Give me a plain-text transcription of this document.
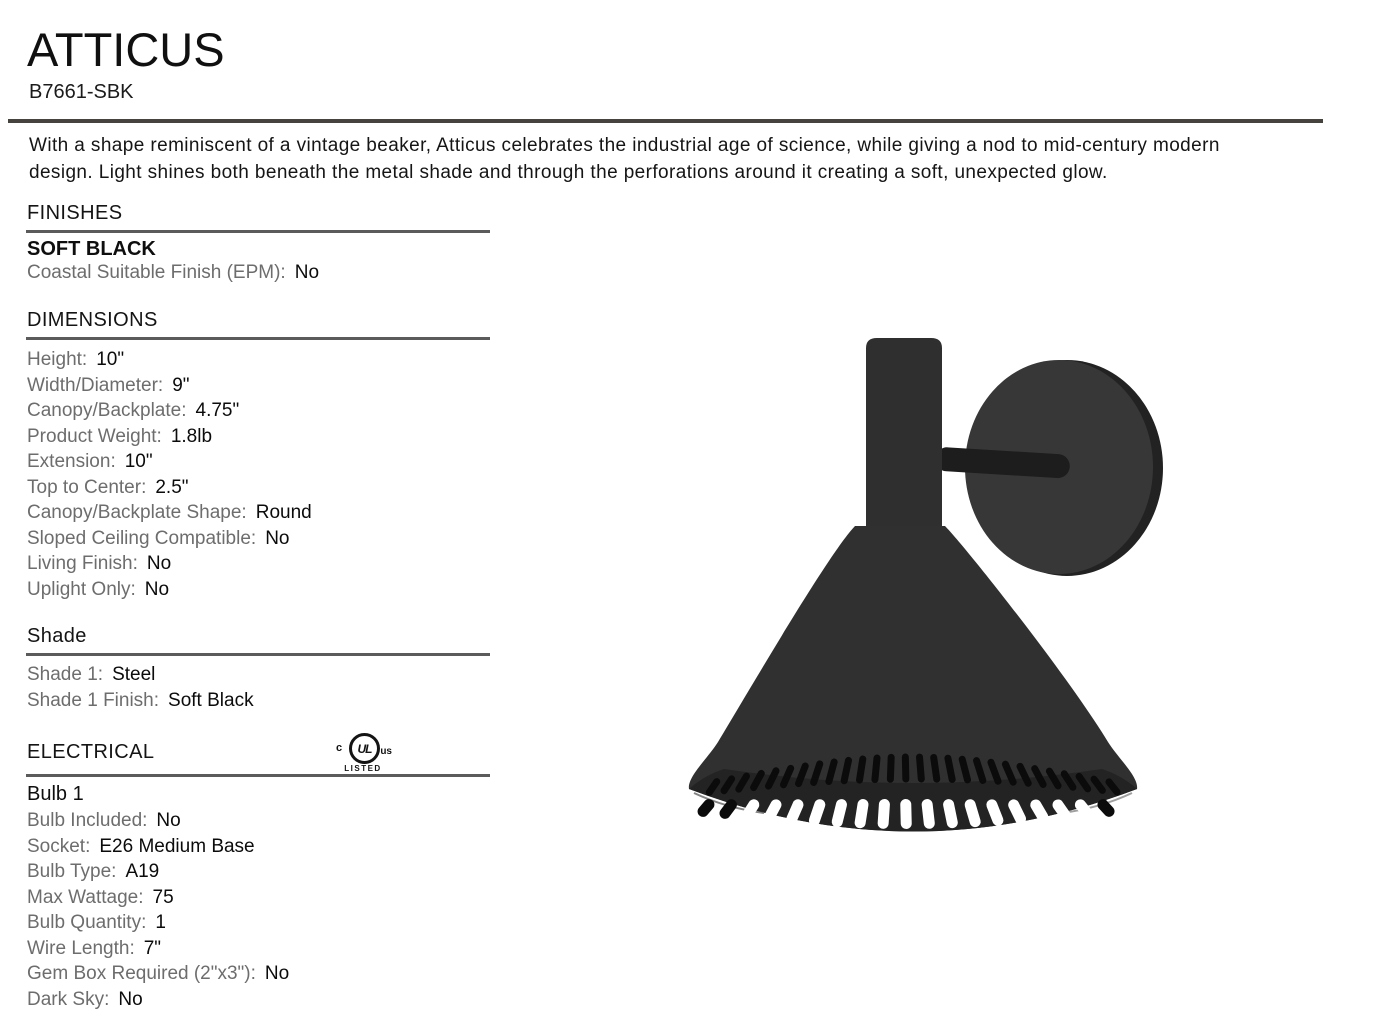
ATTICUS
B7661-SBK
With a shape reminiscent of a vintage beaker, Atticus celebrates the industrial age of science, while giving a nod to mid-century modern
design. Light shines both beneath the metal shade and through the perforations around it creating a soft, unexpected glow.
FINISHES
SOFT BLACK
Coastal Suitable Finish (EPM): No
DIMENSIONS
Height: 10"
Width/Diameter: 9"
Canopy/Backplate: 4.75"
Product Weight: 1.8lb
Extension: 10"
Top to Center: 2.5"
Canopy/Backplate Shape: Round
Sloped Ceiling Compatible: No
Living Finish: No
Uplight Only: No
Shade
Shade 1: Steel
Shade 1 Finish: Soft Black
ELECTRICAL	c UL us
LISTED
Bulb 1
Bulb Included: No
Socket: E26 Medium Base
Bulb Type: A19
Max Wattage: 75
Bulb Quantity: 1
Wire Length: 7"
Gem Box Required (2"x3"): No
Dark Sky: No
